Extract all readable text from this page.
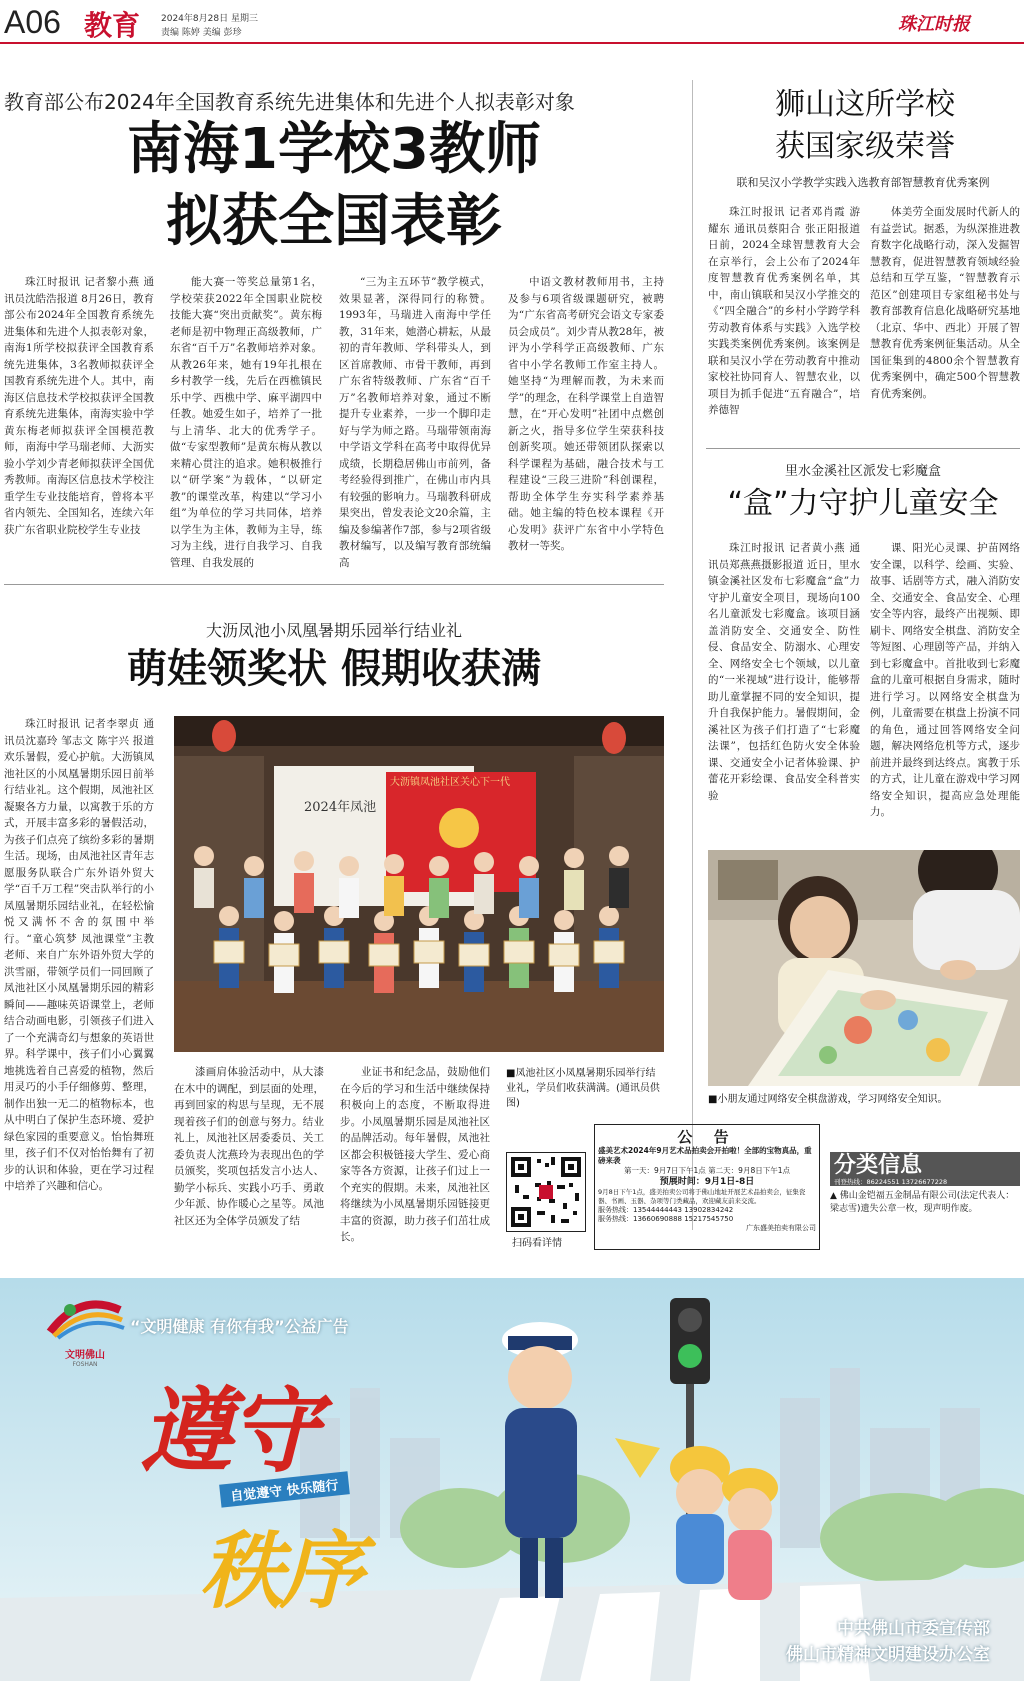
A06 教育 2024年8月28日 星期三
责编 陈婷 美编 彭珍	珠江时报
教育部公布2024年全国教育系统先进集体和先进个人拟表彰对象
南海1学校3教师
拟获全国表彰

珠江时报讯 记者黎小燕 通讯员沈皓浩报道 8月26日，教育部公布2024年全国教育系统先进集体和先进个人拟表彰对象，南海1所学校拟获评全国教育系统先进集体，3名教师拟获评全国教育系统先进个人。其中，南海区信息技术学校拟获评全国教育系统先进集体，南海实验中学黄东梅老师拟获评全国模范教师，南海中学马瑞老师、大沥实验小学刘少青老师拟获评全国优秀教师。南海区信息技术学校注重学生专业技能培育，曾将本平省内领先、全国知名，连续六年获广东省职业院校学生专业技

能大赛一等奖总量第1名，学校荣获2022年全国职业院校技能大赛“突出贡献奖”。黄东梅老师是初中物理正高级教师，广东省“百千万”名教师培养对象。从教26年来，她有19年扎根在乡村教学一线，先后在西樵镇民乐中学、西樵中学、麻平湖四中任教。她爱生如子，培养了一批与上清华、北大的优秀学子。做“专家型教师”是黄东梅从教以来精心贯注的追求。她积极推行以“研学案”为载体，“以研定教”的课堂改革，构建以“学习小组”为单位的学习共同体，培养以学生为主体，教师为主导，练习为主线，进行自我学习、自我管理、自我发展的

“三为主五环节”教学模式，效果显著，深得同行的称赞。1993年，马瑞进入南海中学任教，31年来，她潜心耕耘，从最初的青年教师、学科带头人，到区首席教师、市骨干教师，再到广东省特级教师、广东省“百千万”名教师培养对象，通过不断提升专业素养，一步一个脚印走好与学为师之路。马瑞带领南海中学语文学科在高考中取得优异成绩，长期稳居佛山市前列，备考经验得到推广，在佛山市内具有较强的影响力。马瑞教科研成果突出，曾发表论文20余篇，主编及参编著作7部，参与2项省级教材编写，以及编写教育部统编高

中语文教材教师用书，主持及参与6项省级课题研究，被聘为“广东省高考研究会语文专家委员会成员”。刘少青从教28年，被评为小学科学正高级教师、广东省中小学名教师工作室主持人。她坚持“为理解而教，为未来而学”的理念，在科学课堂上自造智慧，在“开心发明”社团中点燃创新之火，指导多位学生荣获科技创新奖项。她还带领团队探索以科学课程为基础，融合技术与工程建设“三段三进阶”科创课程，帮助全体学生夯实科学素养基础。她主编的特色校本课程《开心发明》获评广东省中小学特色教材一等奖。

狮山这所学校
获国家级荣誉
联和吴汉小学教学实践入选教育部智慧教育优秀案例

珠江时报讯 记者邓肖霞 游耀东 通讯员蔡阳合 张正阳报道 日前，2024全球智慧教育大会在京举行，会上公布了2024年度智慧教育优秀案例名单，其中，南山镇联和吴汉小学推交的《“四全融合”的乡村小学跨学科劳动教育体系与实践》入选学校实践类案例优秀案例。该案例是联和吴汉小学在劳动教育中推动家校社协同育人、智慧农业，以项目为抓手促进“五育融合”，培养德智

体美劳全面发展时代新人的有益尝试。据悉，为纵深推进教育数字化战略行动，深入发掘智慧教育，促进智慧教育领域经验总结和互学互鉴，“智慧教育示范区”创建项目专家组秘书处与教育部教育信息化战略研究基地（北京、华中、西北）开展了智慧教育优秀案例征集活动。从全国征集到的4800余个智慧教育优秀案例中，确定500个智慧教育优秀案例。

里水金溪社区派发七彩魔盒
“盒”力守护儿童安全

珠江时报讯 记者黄小燕 通讯员郑燕燕摄影报道 近日，里水镇金溪社区发布七彩魔盒“盒”力守护儿童安全项目，现场向100名儿童派发七彩魔盒。该项目涵盖消防安全、交通安全、防性侵、食品安全、防溺水、心理安全、网络安全七个领域，以儿童的“一米视域”进行设计，能够帮助儿童掌握不同的安全知识，提升自我保护能力。暑假期间，金溪社区为孩子们打造了“七彩魔法课”，包括红色防火安全体验课、交通安全小记者体验课、护蕾花开彩绘课、食品安全科普实验

课、阳光心灵课、护苗网络安全课，以科学、绘画、实验、故事、话剧等方式，融入消防安全、交通安全、食品安全、心理安全等内容，最终产出视频、即刷卡、网络安全棋盘、消防安全等短图、心理剧等产品，并纳入到七彩魔盒中。首批收到七彩魔盒的儿童可根据自身需求，随时进行学习。以网络安全棋盘为例，儿童需要在棋盘上扮演不同的角色，通过回答网络安全问题，解决网络危机等方式，逐步前进并最终到达终点。寓教于乐的方式，让儿童在游戏中学习网络安全知识，提高应急处理能力。

■小朋友通过网络安全棋盘游戏，学习网络安全知识。
大沥凤池小凤凰暑期乐园举行结业礼
萌娃领奖状 假期收获满

珠江时报讯 记者李翠贞 通讯员沈嘉玲 邹志文 陈宇兴 报道 欢乐暑假，爱心护航。大沥镇凤池社区的小凤凰暑期乐园日前举行结业礼。这个假期，凤池社区凝聚各方力量，以寓教于乐的方式，开展丰富多彩的暑假活动，为孩子们点亮了缤纷多彩的暑期生活。现场，由凤池社区青年志愿服务队联合广东外语外贸大学“百千万工程”突击队举行的小凤凰暑期乐园结业礼，在轻松愉悦又满怀不舍的氛围中举行。“童心筑梦 凤池课堂”主教老师、来自广东外语外贸大学的洪雪丽，带领学员们一同回顾了凤池社区小凤凰暑期乐园的精彩瞬间——趣味英语课堂上，老师结合动画电影，引领孩子们进入了一个充满奇幻与想象的英语世界。科学课中，孩子们小心翼翼地挑选着自己喜爱的植物，然后用灵巧的小手仔细修剪、整理，制作出独一无二的植物标本，也从中明白了保护生态环境、爱护绿色家园的重要意义。怡怡舞班里，孩子们不仅对怡怡舞有了初步的认识和体验，更在学习过程中培养了兴趣和信心。

2024年凤池
大沥镇凤池社区关心下一代

漆画肩体验活动中，从大漆在木中的调配，到层面的处理，再到回家的构思与呈现，无不展现着孩子们的创意与努力。结业礼上，凤池社区居委委员、关工委负责人沈燕玲为表现出色的学员颁奖，奖项包括发言小达人、勤学小标兵、实践小巧手、勇敢少年派、协作暖心之星等。凤池社区还为全体学员颁发了结

业证书和纪念品，鼓励他们在今后的学习和生活中继续保持积极向上的态度，不断取得进步。小凤凰暑期乐园是凤池社区的品牌活动。每年暑假，凤池社区都会积极链接大学生、爱心商家等各方资源，让孩子们过上一个充实的假期。未来，凤池社区将继续为小凤凰暑期乐园链接更丰富的资源，助力孩子们茁壮成长。

■凤池社区小凤凰暑期乐园举行结业礼，学员们收获满满。(通讯员供图)
扫码看详情
公 告
盛美艺术2024年9月艺术品拍卖会开拍啦！全部的宝物真品，重磅来袭
第一天：9月7日下午1点 第二天：9月8日下午1点
预展时间：9月1日-8日
9月8日下午1点，盛美拍卖公司将于佛山地址开展艺术品拍卖会，征集瓷器、书画、玉器、杂项等门类藏品，欢迎藏友前来交流。
服务热线：13544444443 13902834242
服务热线：13660690888 15217545750
广东盛美拍卖有限公司
分类信息
刊登热线：86224551 13726677228
▲ 佛山金铠福五金制品有限公司(法定代表人：梁志雪)遗失公章一枚，现声明作废。
文明佛山
FOSHAN
“文明健康 有你有我”公益广告
遵守
自觉遵守 快乐随行
秩序
中共佛山市委宣传部
佛山市精神文明建设办公室
